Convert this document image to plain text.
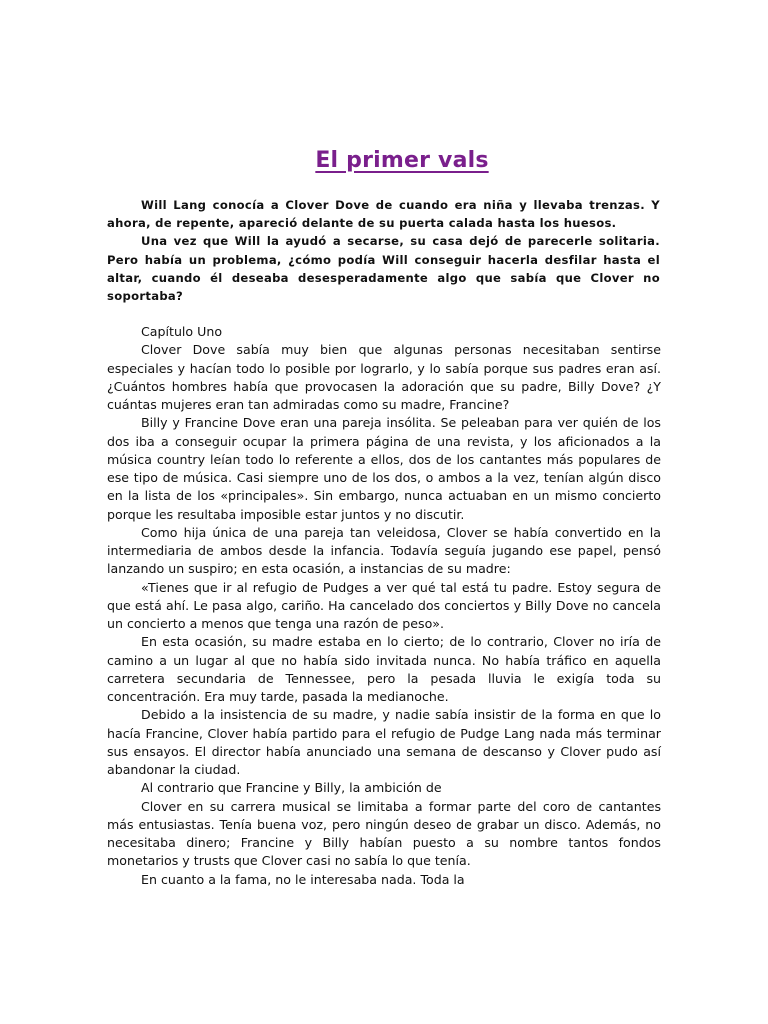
El primer vals

Will Lang conocía a Clover Dove de cuando era niña y llevaba trenzas. Y ahora, de repente, apareció delante de su puerta calada hasta los huesos.

Una vez que Will la ayudó a secarse, su casa dejó de parecerle solitaria. Pero había un problema, ¿cómo podía Will conseguir hacerla desfilar hasta el altar, cuando él deseaba desesperadamente algo que sabía que Clover no soportaba?

Capítulo Uno

Clover Dove sabía muy bien que algunas personas necesitaban sentirse especiales y hacían todo lo posible por lograrlo, y lo sabía porque sus padres eran así. ¿Cuántos hombres había que provocasen la adoración que su padre, Billy Dove? ¿Y cuántas mujeres eran tan admiradas como su madre, Francine?

Billy y Francine Dove eran una pareja insólita. Se peleaban para ver quién de los dos iba a conseguir ocupar la primera página de una revista, y los aficionados a la música country leían todo lo referente a ellos, dos de los cantantes más populares de ese tipo de música. Casi siempre uno de los dos, o ambos a la vez, tenían algún disco en la lista de los «principales». Sin embargo, nunca actuaban en un mismo concierto porque les resultaba imposible estar juntos y no discutir.

Como hija única de una pareja tan veleidosa, Clover se había convertido en la intermediaria de ambos desde la infancia. Todavía seguía jugando ese papel, pensó lanzando un suspiro; en esta ocasión, a instancias de su madre:

«Tienes que ir al refugio de Pudges a ver qué tal está tu padre. Estoy segura de que está ahí. Le pasa algo, cariño. Ha cancelado dos conciertos y Billy Dove no cancela un concierto a menos que tenga una razón de peso».

En esta ocasión, su madre estaba en lo cierto; de lo contrario, Clover no iría de camino a un lugar al que no había sido invitada nunca. No había tráfico en aquella carretera secundaria de Tennessee, pero la pesada lluvia le exigía toda su concentración. Era muy tarde, pasada la medianoche.

Debido a la insistencia de su madre, y nadie sabía insistir de la forma en que lo hacía Francine, Clover había partido para el refugio de Pudge Lang nada más terminar sus ensayos. El director había anunciado una semana de descanso y Clover pudo así abandonar la ciudad.

Al contrario que Francine y Billy, la ambición de

Clover en su carrera musical se limitaba a formar parte del coro de cantantes más entusiastas. Tenía buena voz, pero ningún deseo de grabar un disco. Además, no necesitaba dinero; Francine y Billy habían puesto a su nombre tantos fondos monetarios y trusts que Clover casi no sabía lo que tenía.

En cuanto a la fama, no le interesaba nada. Toda la
